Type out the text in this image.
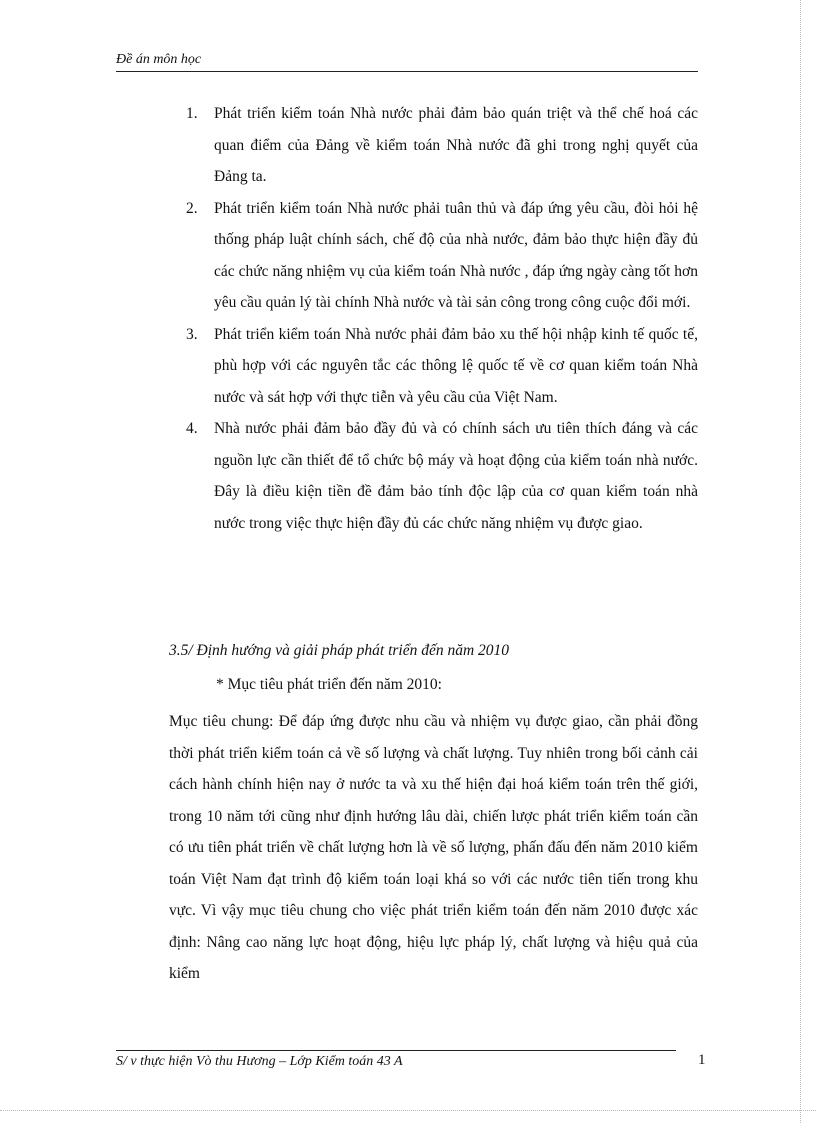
Đề án môn học
1. Phát triển kiểm toán Nhà nước phải đảm bảo quán triệt và thể chế hoá các quan điểm của Đảng về kiểm toán Nhà nước đã ghi trong nghị quyết của Đảng ta.
2. Phát triển kiểm toán Nhà nước phải tuân thủ và đáp ứng yêu cầu, đòi hỏi hệ thống pháp luật chính sách, chế độ của nhà nước, đảm bảo thực hiện đầy đủ các chức năng nhiệm vụ của kiểm toán Nhà nước , đáp ứng ngày càng tốt hơn yêu cầu quản lý tài chính Nhà nước và tài sản công trong công cuộc đổi mới.
3. Phát triển kiểm toán Nhà nước phải đảm bảo xu thế hội nhập kinh tế quốc tế, phù hợp với các nguyên tắc các thông lệ quốc tế về cơ quan kiểm toán Nhà nước và sát hợp với thực tiễn và yêu cầu của Việt Nam.
4. Nhà nước phải đảm bảo đầy đủ và có chính sách ưu tiên thích đáng và các nguồn lực cần thiết để tổ chức bộ máy và hoạt động của kiểm toán nhà nước. Đây là điều kiện tiền đề đảm bảo tính độc lập của cơ quan kiểm toán nhà nước trong việc thực hiện đầy đủ các chức năng nhiệm vụ được giao.
3.5/ Định hướng và giải pháp phát triển đến năm 2010
* Mục tiêu phát triển đến năm 2010:

Mục tiêu chung: Để đáp ứng được nhu cầu và nhiệm vụ được giao, cần phải đồng thời phát triển kiểm toán cả về số lượng và chất lượng. Tuy nhiên trong bối cảnh cải cách hành chính hiện nay ở nước ta và xu thế hiện đại hoá kiểm toán trên thế giới, trong 10 năm tới cũng như định hướng lâu dài, chiến lược phát triển kiểm toán cần có ưu tiên phát triển về chất lượng hơn là về số lượng, phấn đấu đến năm 2010 kiểm toán Việt Nam đạt trình độ kiểm toán loại khá so với các nước tiên tiến trong khu vực. Vì vậy mục tiêu chung cho việc phát triển kiểm toán đến năm 2010 được xác định: Nâng cao năng lực hoạt động, hiệu lực pháp lý, chất lượng và hiệu quả của kiểm

S/ v thực hiện Vò thu Hương – Lớp Kiểm toán 43 A	1
